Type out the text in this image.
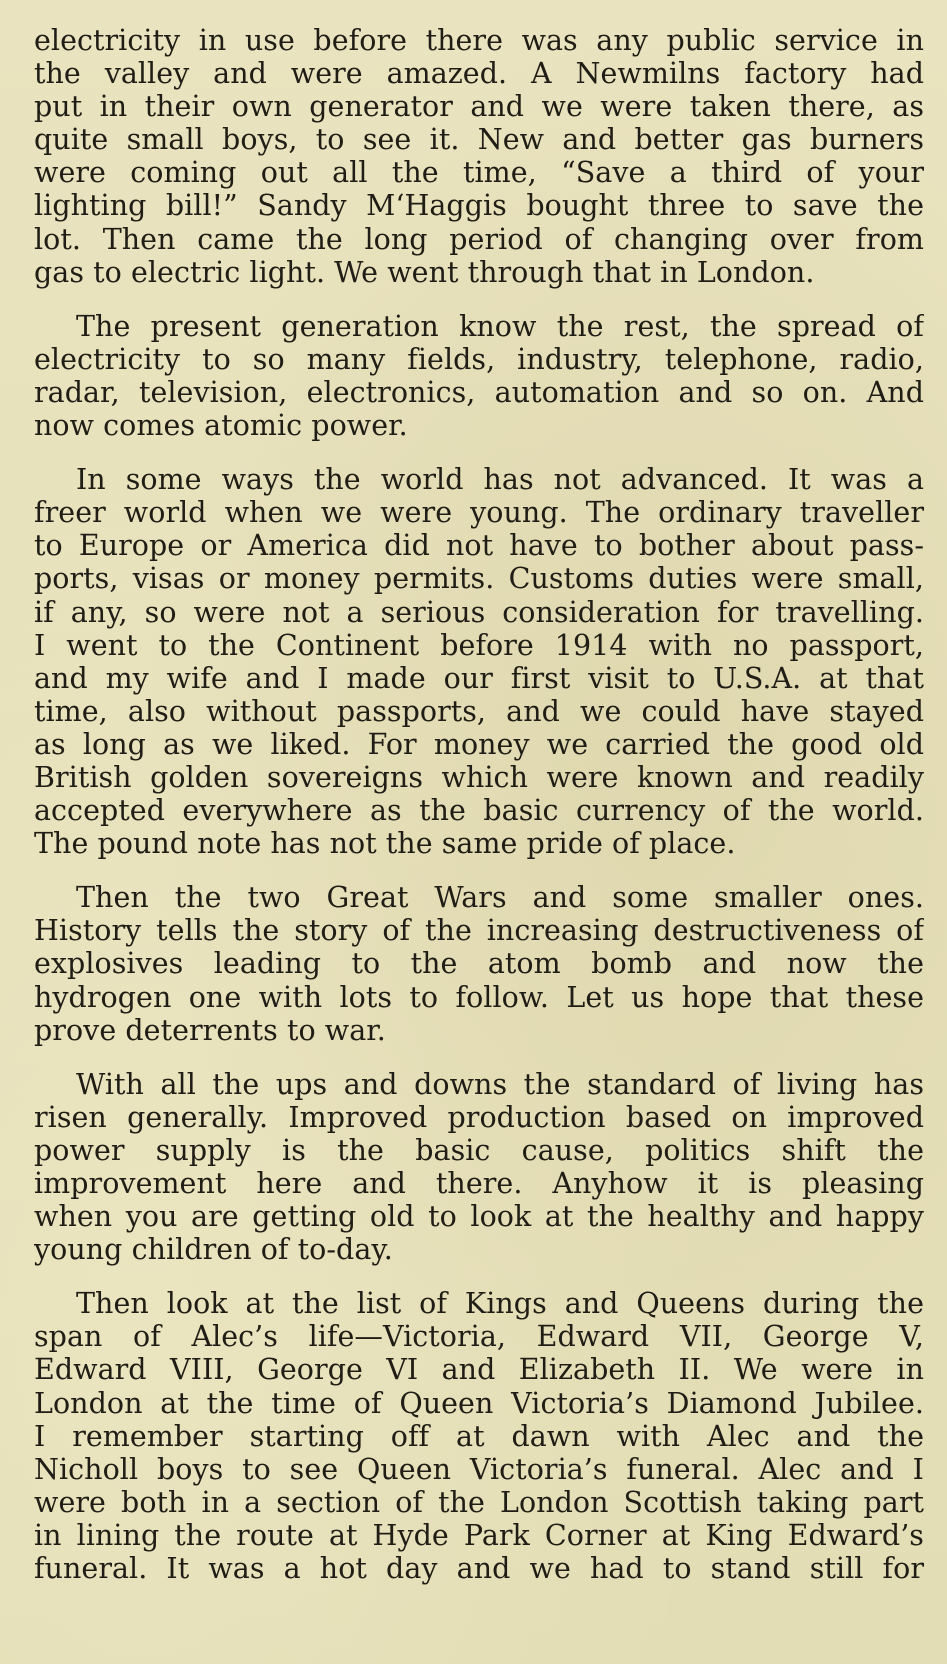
electricity in use before there was any public service in
the valley and were amazed. A Newmilns factory had
put in their own generator and we were taken there, as
quite small boys, to see it. New and better gas burners
were coming out all the time, “Save a third of your
lighting bill!” Sandy M‘Haggis bought three to save the
lot. Then came the long period of changing over from
gas to electric light. We went through that in London.
The present generation know the rest, the spread of
electricity to so many fields, industry, telephone, radio,
radar, television, electronics, automation and so on. And
now comes atomic power.
In some ways the world has not advanced. It was a
freer world when we were young. The ordinary traveller
to Europe or America did not have to bother about pass-
ports, visas or money permits. Customs duties were small,
if any, so were not a serious consideration for travelling.
I went to the Continent before 1914 with no passport,
and my wife and I made our first visit to U.S.A. at that
time, also without passports, and we could have stayed
as long as we liked. For money we carried the good old
British golden sovereigns which were known and readily
accepted everywhere as the basic currency of the world.
The pound note has not the same pride of place.
Then the two Great Wars and some smaller ones.
History tells the story of the increasing destructiveness of
explosives leading to the atom bomb and now the
hydrogen one with lots to follow. Let us hope that these
prove deterrents to war.
With all the ups and downs the standard of living has
risen generally. Improved production based on improved
power supply is the basic cause, politics shift the
improvement here and there. Anyhow it is pleasing
when you are getting old to look at the healthy and happy
young children of to-day.
Then look at the list of Kings and Queens during the
span of Alec’s life—Victoria, Edward VII, George V,
Edward VIII, George VI and Elizabeth II. We were in
London at the time of Queen Victoria’s Diamond Jubilee.
I remember starting off at dawn with Alec and the
Nicholl boys to see Queen Victoria’s funeral. Alec and I
were both in a section of the London Scottish taking part
in lining the route at Hyde Park Corner at King Edward’s
funeral. It was a hot day and we had to stand still for
